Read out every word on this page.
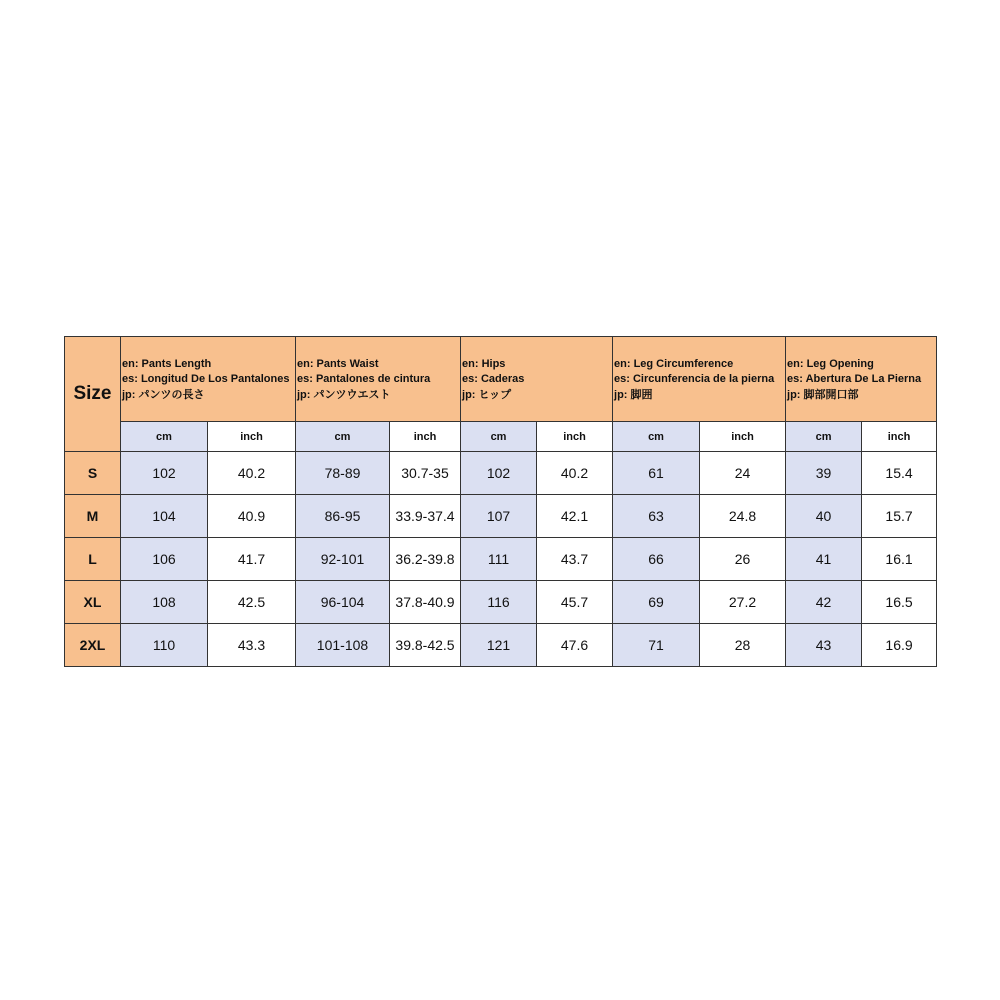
Size	en: Pants Length
es: Longitud De Los Pantalones
jp: パンツの長さ		en: Pants Waist
es: Pantalones de cintura
jp: パンツウエスト		en: Hips
es: Caderas
jp: ヒップ		en: Leg Circumference
es: Circunferencia de la pierna
jp: 脚囲		en: Leg Opening
es: Abertura De La Pierna
jp: 脚部開口部	

	cm	inch	cm	inch	cm	inch	cm	inch	cm	inch
S	102	40.2	78-89	30.7-35	102	40.2	61	24	39	15.4
M	104	40.9	86-95	33.9-37.4	107	42.1	63	24.8	40	15.7
L	106	41.7	92-101	36.2-39.8	111	43.7	66	26	41	16.1
XL	108	42.5	96-104	37.8-40.9	116	45.7	69	27.2	42	16.5
2XL	110	43.3	101-108	39.8-42.5	121	47.6	71	28	43	16.9
